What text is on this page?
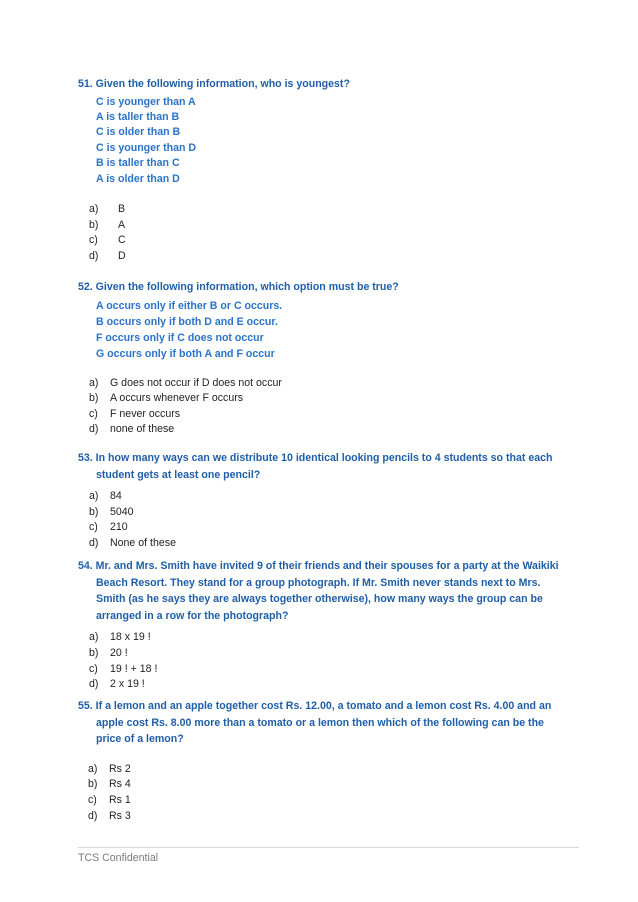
51. Given the following information, who is youngest?
C is younger than A
A is taller than B
C is older than B
C is younger than D
B is taller than C
A is older than D
a)	B
b)	A
c)	C
d)	D
52. Given the following information, which option must be true?
A occurs only if either B or C occurs.
B occurs only if both D and E occur.
F occurs only if C does not occur
G occurs only if both A and F occur
a)	G does not occur if D does not occur
b)	A occurs whenever F occurs
c)	F never occurs
d)	none of these
53. In how many ways can we distribute 10 identical looking pencils to 4 students so that each
student gets at least one pencil?
a)	84
b)	5040
c)	210
d)	None of these
54. Mr. and Mrs. Smith have invited 9 of their friends and their spouses for a party at the Waikiki
Beach Resort. They stand for a group photograph. If Mr. Smith never stands next to Mrs.
Smith (as he says they are always together otherwise), how many ways the group can be
arranged in a row for the photograph?
a)	18 x 19 !
b)	20 !
c)	19 ! + 18 !
d)	2 x 19 !
55. If a lemon and an apple together cost Rs. 12.00, a tomato and a lemon cost Rs. 4.00 and an
apple cost Rs. 8.00 more than a tomato or a lemon then which of the following can be the
price of a lemon?
a)	Rs 2
b)	Rs 4
c)	Rs 1
d)	Rs 3
TCS Confidential
